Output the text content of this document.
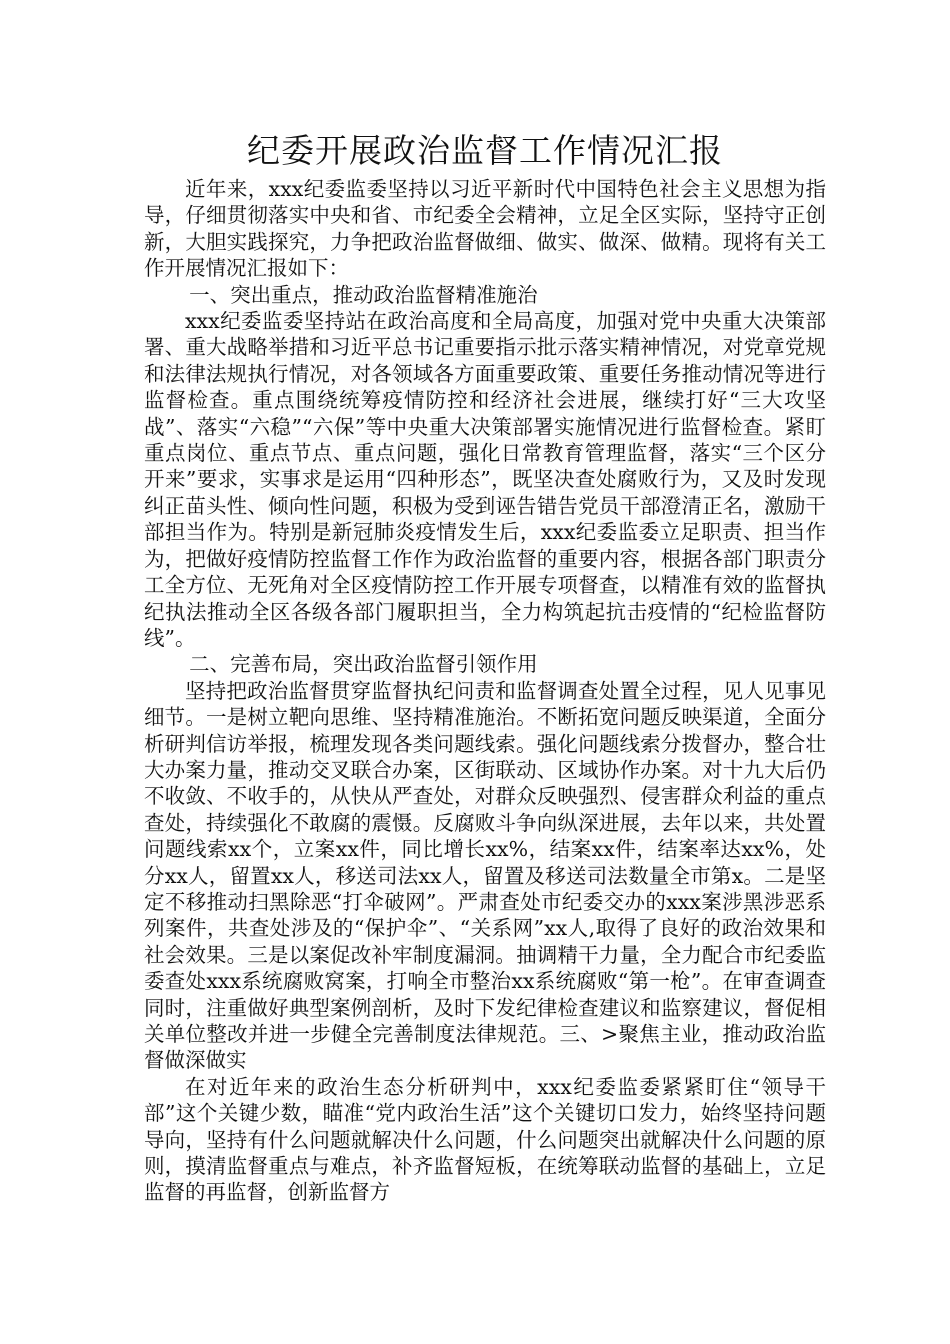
纪委开展政治监督工作情况汇报

近年来，xxx纪委监委坚持以习近平新时代中国特色社会主义思想为指导，仔细贯彻落实中央和省、市纪委全会精神，立足全区实际，坚持守正创新，大胆实践探究，力争把政治监督做细、做实、做深、做精。现将有关工作开展情况汇报如下：

一、突出重点，推动政治监督精准施治

xxx纪委监委坚持站在政治高度和全局高度，加强对党中央重大决策部署、重大战略举措和习近平总书记重要指示批示落实精神情况，对党章党规和法律法规执行情况，对各领域各方面重要政策、重要任务推动情况等进行监督检查。重点围绕统筹疫情防控和经济社会进展，继续打好“三大攻坚战”、落实“六稳”“六保”等中央重大决策部署实施情况进行监督检查。紧盯重点岗位、重点节点、重点问题，强化日常教育管理监督，落实“三个区分开来”要求，实事求是运用“四种形态”，既坚决查处腐败行为，又及时发现纠正苗头性、倾向性问题，积极为受到诬告错告党员干部澄清正名，激励干部担当作为。特别是新冠肺炎疫情发生后，xxx纪委监委立足职责、担当作为，把做好疫情防控监督工作作为政治监督的重要内容，根据各部门职责分工全方位、无死角对全区疫情防控工作开展专项督查，以精准有效的监督执纪执法推动全区各级各部门履职担当，全力构筑起抗击疫情的“纪检监督防线”。

二、完善布局，突出政治监督引领作用

坚持把政治监督贯穿监督执纪问责和监督调查处置全过程，见人见事见细节。一是树立靶向思维、坚持精准施治。不断拓宽问题反映渠道，全面分析研判信访举报，梳理发现各类问题线索。强化问题线索分拨督办，整合壮大办案力量，推动交叉联合办案，区街联动、区域协作办案。对十九大后仍不收敛、不收手的，从快从严查处，对群众反映强烈、侵害群众利益的重点查处，持续强化不敢腐的震慑。反腐败斗争向纵深进展，去年以来，共处置问题线索xx个，立案xx件，同比增长xx%，结案xx件，结案率达xx%，处分xx人，留置xx人，移送司法xx人，留置及移送司法数量全市第x。二是坚定不移推动扫黑除恶“打伞破网”。严肃查处市纪委交办的xxx案涉黑涉恶系列案件，共查处涉及的“保护伞”、“关系网”xx人,取得了良好的政治效果和社会效果。三是以案促改补牢制度漏洞。抽调精干力量，全力配合市纪委监委查处xxx系统腐败窝案，打响全市整治xx系统腐败“第一枪”。在审查调查同时，注重做好典型案例剖析，及时下发纪律检查建议和监察建议，督促相关单位整改并进一步健全完善制度法律规范。三、>聚焦主业，推动政治监督做深做实

在对近年来的政治生态分析研判中，xxx纪委监委紧紧盯住“领导干部”这个关键少数，瞄准“党内政治生活”这个关键切口发力，始终坚持问题导向，坚持有什么问题就解决什么问题，什么问题突出就解决什么问题的原则，摸清监督重点与难点，补齐监督短板，在统筹联动监督的基础上，立足监督的再监督，创新监督方
